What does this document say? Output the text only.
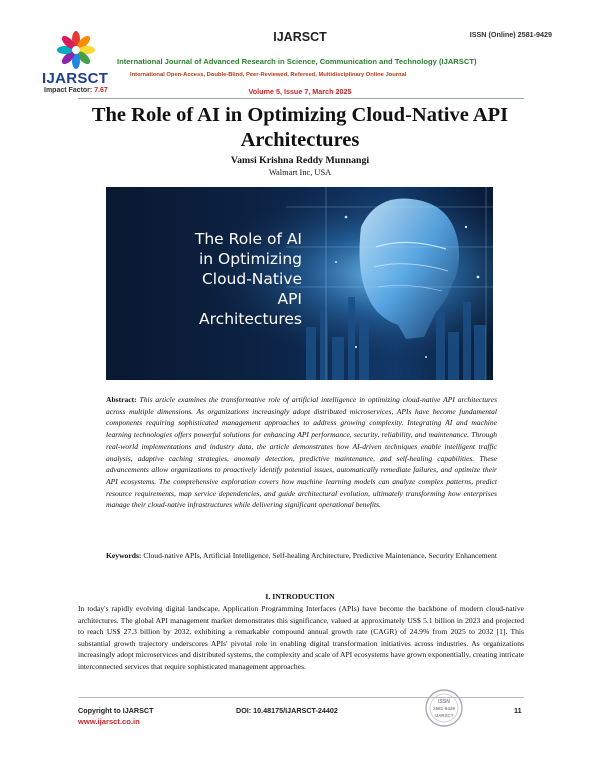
IJARSCT
IJARSCT	ISSN (Online) 2581-9429
International Journal of Advanced Research in Science, Communication and Technology (IJARSCT)
International Open-Access, Double-Blind, Peer-Reviewed, Refereed, Multidisciplinary Online Journal
Impact Factor: 7.67	Volume 5, Issue 7, March 2025
The Role of AI in Optimizing Cloud-Native API Architectures
Vamsi Krishna Reddy Munnangi
Walmart Inc, USA
The Role of AI
in Optimizing
Cloud-Native
API
Architectures
Abstract: This article examines the transformative role of artificial intelligence in optimizing cloud-native API architectures across multiple dimensions. As organizations increasingly adopt distributed microservices, APIs have become fundamental components requiring sophisticated management approaches to address growing complexity. Integrating AI and machine learning technologies offers powerful solutions for enhancing API performance, security, reliability, and maintenance. Through real-world implementations and industry data, the article demonstrates how AI-driven techniques enable intelligent traffic analysis, adaptive caching strategies, anomaly detection, predictive maintenance, and self-healing capabilities. These advancements allow organizations to proactively identify potential issues, automatically remediate failures, and optimize their API ecosystems. The comprehensive exploration covers how machine learning models can analyze complex patterns, predict resource requirements, map service dependencies, and guide architectural evolution, ultimately transforming how enterprises manage their cloud-native infrastructures while delivering significant operational benefits.
Keywords: Cloud-native APIs, Artificial Intelligence, Self-healing Architecture, Predictive Maintenance, Security Enhancement
I. INTRODUCTION
In today's rapidly evolving digital landscape, Application Programming Interfaces (APIs) have become the backbone of modern cloud-native architectures. The global API management market demonstrates this significance, valued at approximately US$ 5.1 billion in 2023 and projected to reach US$ 27.3 billion by 2032, exhibiting a remarkable compound annual growth rate (CAGR) of 24.9% from 2025 to 2032 [1]. This substantial growth trajectory underscores APIs' pivotal role in enabling digital transformation initiatives across industries. As organizations increasingly adopt microservices and distributed systems, the complexity and scale of API ecosystems have grown exponentially, creating intricate interconnected services that require sophisticated management approaches.
ISSN
2581-9429
IJARSCT
Copyright to IJARSCT
www.ijarsct.co.in
DOI: 10.48175/IJARSCT-24402	11
